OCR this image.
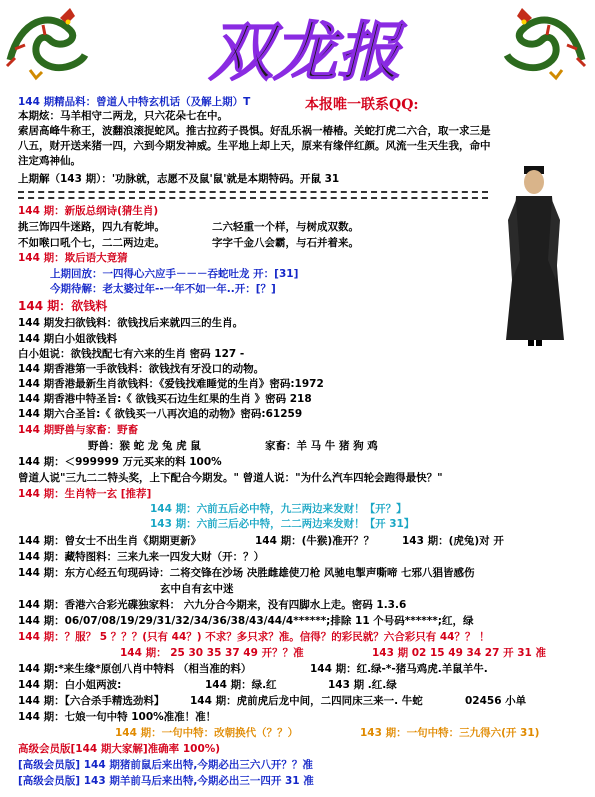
双龙报
本报唯一联系QQ:
144 期精品料：曾道人中特玄机话（及解上期）T
本期炫：马羊相守二两龙，只六花朵七在中。
索居高峰牛称王，波翻浪滚捉蛇风。推古拉药子畏惧。好乱乐祸一椿椿。关蛇打虎二六合，取一求三是
八五，财开送来猪一四，六到今期发神威。生平地上却上天，原来有缘伴红颜。风流一生天生我，命中
注定鸡神仙。
上期解（143 期）：'功脉就，志愿不及鼠'鼠'就是本期特码。开鼠 31
144 期：新版总纲诗(猜生肖)
挑三饰四牛迷路，四九有乾坤。	二六轻重一个样，与树成双数。
不如喉口吼个七，二二两边走。	字字千金八会霸，与石并着来。
144 期：欺后语大竟猜
上期回放：一四得心六应手－－－吞蛇吐龙 开：[31]
今期待解：老太婆过年--一年不如一年..开：[？]
144 期：欲钱料
144 期发扫欲钱料：欲钱找后来就四三的生肖。
144 期白小姐欲钱料
白小姐说：欲钱找配七有六来的生肖 密码 127 -
144 期香港第一手欲钱料：欲钱找有牙没口的动物。
144 期香港最新生肖欲钱料：《爱钱找难睡觉的生肖》密码:1972
144 期香港中特圣旨:《 欲钱买石边生红果的生肖 》密码 218
144 期六合圣旨:《 欲钱买一八再次追的动物》密码:61259
144 期野兽与家畜：野畜
野兽：猴 蛇 龙 兔 虎 鼠	家畜：羊 马 牛 猪 狗 鸡
144 期：＜999999 万元买来的料 100%
曾道人说"三九二二特头奖，上下配合今期发。" 曾道人说："为什么汽车四轮会跑得最快？"
144 期：生肖特一玄 [推荐]
144 期：六前五后必中特，九三两边来发财！【开？】
143 期：六前三后必中特，二二两边来发财！【开 31】
144 期：曾女士不出生肖《期期更新》	144 期：(牛猴)准开？？	143 期：(虎兔)对 开
144 期：藏特图料：三来九来一四发大财（开：？）
144 期：东方心经五句现码诗：二将交锋在沙场 决胜雌雄使刀枪 风驰电掣声嘶啼 七邪八猖皆感伤
玄中自有玄中迷
144 期：香港六合彩光碟独家料： 六九分合今期来，没有四脚水上走。密码 1.3.6
144 期：06/07/08/19/29/31/32/34/36/38/43/44/4******;排除 11 个号码******;红，绿
144 期：？服？ 5 ？？？(只有 44？) 不求？多只求？准。信得？的彩民就？六合彩只有 44？？ ！
144 期： 25 30 35 37 49 开？？准	143 期 02 15 49 34 27 开 31 准
144 期:*来生缘*原创八肖中特料 （相当准的料）	144 期：红.绿-*-猪马鸡虎.羊鼠羊牛.
144 期：白小姐两波:	144 期：绿.红	143 期 .红.绿
144 期：【六合杀手精选劲料】 144 期：虎前虎后龙中间，二四同床三来一. 牛蛇	02456 小单
144 期：七娘一句中特 100%准准！准！
144 期：一句中特：改朝换代（？？）	143 期：一句中特：三九得六(开 31)
高级会员版[144 期大家解]准确率 100%)
[高级会员版] 144 期猪前鼠后来出特,今期必出三六八开？？准
[高级会员版] 143 期羊前马后来出特,今期必出三一四开 31 准
